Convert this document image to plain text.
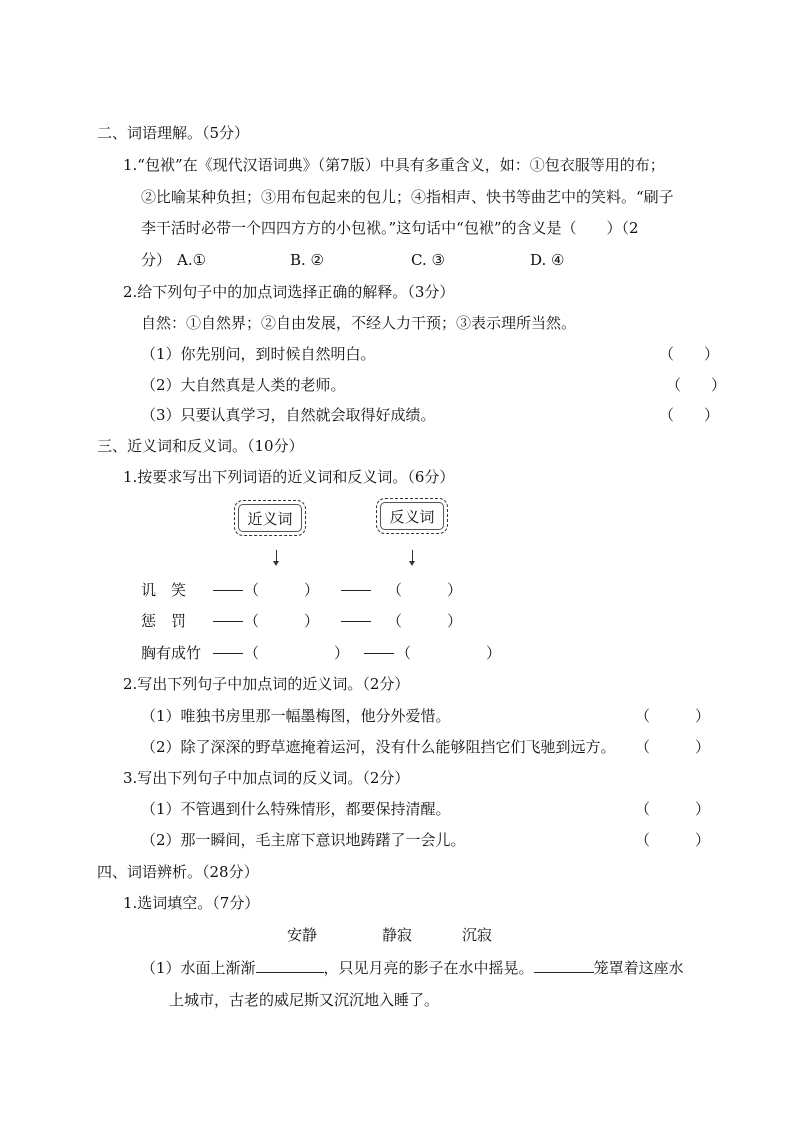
二、词语理解。（5分）
1.“包袱”在《现代汉语词典》（第7版）中具有多重含义，如：①包衣服等用的布；
②比喻某种负担；③用布包起来的包儿；④指相声、快书等曲艺中的笑料。“刷子
李干活时必带一个四四方方的小包袱。”这句话中“包袱”的含义是（　　）（2
分） A.①	B. ②	C. ③	D. ④
2.给下列句子中的加点词选择正确的解释。（3分）
自然：①自然界；②自由发展，不经人力干预；③表示理所当然。
（1）你先别问，到时候自然明白。	（　　）
（2）大自然真是人类的老师。	（　　）
（3）只要认真学习，自然就会取得好成绩。	（　　）
三、近义词和反义词。（10分）
1.按要求写出下列词语的近义词和反义词。（6分）
近义词	反义词
讥　笑	（　　　）	（　　　）
惩　罚	（　　　）	（　　　）
胸有成竹	（　　　　　）	（　　　　　）
2.写出下列句子中加点词的近义词。（2分）
（1）唯独书房里那一幅墨梅图，他分外爱惜。	（　　　）
（2）除了深深的野草遮掩着运河，没有什么能够阻挡它们飞驰到远方。 （　　　）
3.写出下列句子中加点词的反义词。（2分）
（1）不管遇到什么特殊情形，都要保持清醒。	（　　　）
（2）那一瞬间，毛主席下意识地踌躇了一会儿。	（　　　）
四、词语辨析。（28分）
1.选词填空。（7分）
安静	静寂	沉寂
（1）水面上渐渐	，只见月亮的影子在水中摇晃。	笼罩着这座水
上城市，古老的威尼斯又沉沉地入睡了。
